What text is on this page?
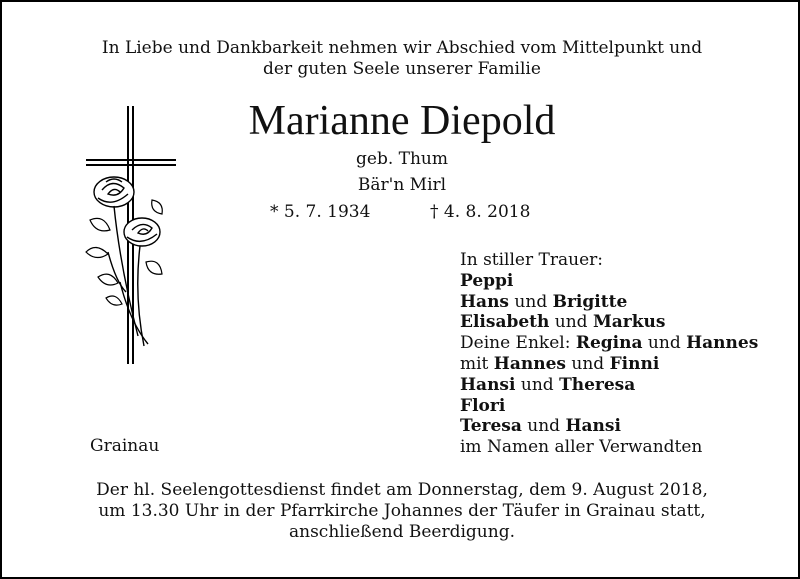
In Liebe und Dankbarkeit nehmen wir Abschied vom Mittelpunkt und
der guten Seele unserer Familie
Marianne Diepold
geb. Thum
Bär'n Mirl
* 5. 7. 1934	† 4. 8. 2018
In stiller Trauer:
Peppi
Hans und Brigitte
Elisabeth und Markus
Deine Enkel: Regina und Hannes
mit Hannes und Finni
Hansi und Theresa
Flori
Teresa und Hansi
im Namen aller Verwandten
Grainau
Der hl. Seelengottesdienst findet am Donnerstag, dem 9. August 2018,
um 13.30 Uhr in der Pfarrkirche Johannes der Täufer in Grainau statt,
anschließend Beerdigung.
